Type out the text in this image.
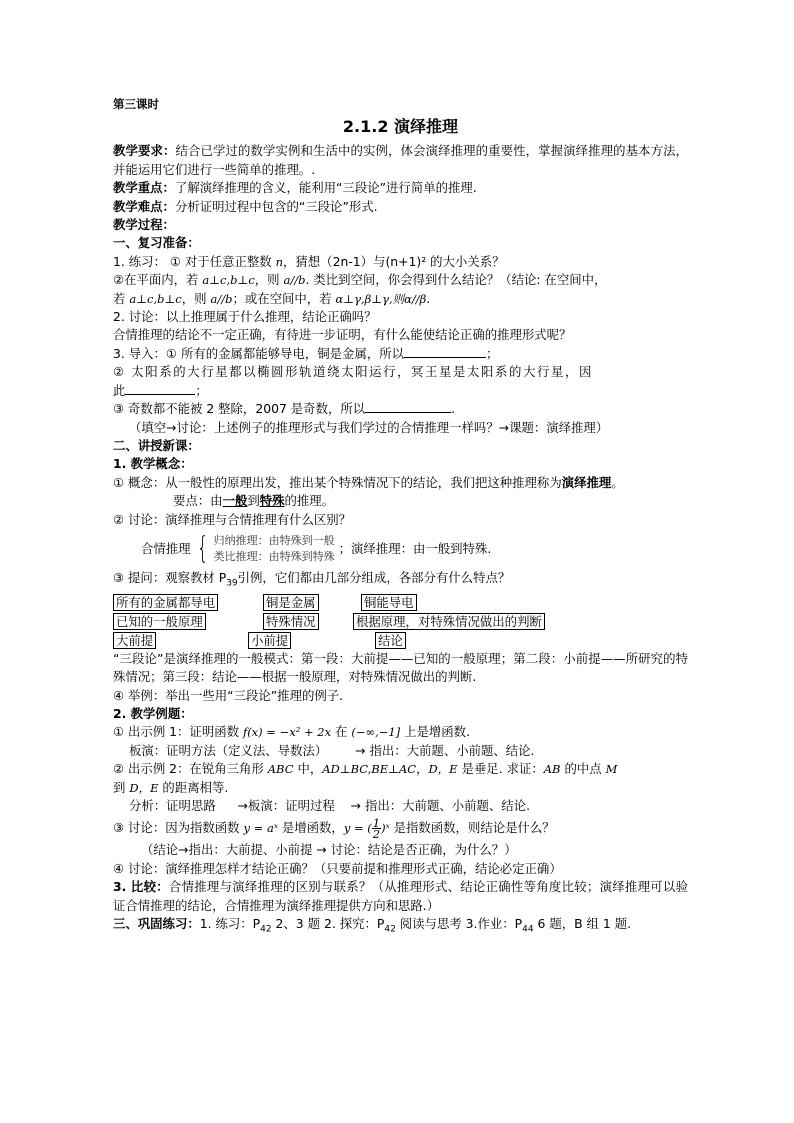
第三课时
2.1.2 演绎推理
教学要求：结合已学过的数学实例和生活中的实例，体会演绎推理的重要性，掌握演绎推理的基本方法，并能运用它们进行一些简单的推理。.
教学重点：了解演绎推理的含义，能利用“三段论”进行简单的推理.
教学难点：分析证明过程中包含的“三段论”形式.
教学过程：
一、复习准备：
1. 练习： ① 对于任意正整数 n，猜想（2n-1）与(n+1)² 的大小关系？
②在平面内，若 a⊥c,b⊥c，则 a//b. 类比到空间，你会得到什么结论？（结论: 在空间中，
若 a⊥c,b⊥c，则 a//b；或在空间中，若 α⊥γ,β⊥γ,则α//β.
2. 讨论：以上推理属于什么推理，结论正确吗？
合情推理的结论不一定正确，有待进一步证明，有什么能使结论正确的推理形式呢？
3. 导入：① 所有的金属都能够导电，铜是金属，所以	；
② 太阳系的大行星都以椭圆形轨道绕太阳运行，冥王星是太阳系的大行星，因
此	；
③ 奇数都不能被 2 整除，2007 是奇数，所以	.
（填空→讨论：上述例子的推理形式与我们学过的合情推理一样吗？→课题：演绎推理）
二、讲授新课：
1. 教学概念：
① 概念：从一般性的原理出发，推出某个特殊情况下的结论，我们把这种推理称为演绎推理。
要点：由一般到特殊的推理。
② 讨论：演绎推理与合情推理有什么区别？
合情推理 { 归纳推理：由特殊到一般
类比推理：由特殊到特殊
；演绎推理：由一般到特殊.
③ 提问：观察教材 $P_{39}$引例，它们都由几部分组成，各部分有什么特点？
所有的金属都导电	铜是金属	铜能导电
已知的一般原理	特殊情况	根据原理，对特殊情况做出的判断
大前提	小前提	结论
“三段论”是演绎推理的一般模式：第一段：大前提——已知的一般原理；第二段：小前提——所研究的特殊情况；第三段：结论——根据一般原理，对特殊情况做出的判断.
④ 举例：举出一些用“三段论”推理的例子.
2. 教学例题：
① 出示例 1：证明函数 f(x) = −x² + 2x 在 (−∞,−1] 上是增函数.
板演：证明方法（定义法、导数法） → 指出：大前题、小前题、结论.
② 出示例 2：在锐角三角形 ABC 中，AD⊥BC,BE⊥AC，D，E 是垂足. 求证：AB 的中点 M
到 D，E 的距离相等.
分析：证明思路 →板演：证明过程 → 指出：大前题、小前题、结论.
③ 讨论：因为指数函数 y = aˣ 是增函数，y = ( $\frac{1}{2}$ )ˣ 是指数函数，则结论是什么？
（结论→指出：大前提、小前提 → 讨论：结论是否正确，为什么？）
④ 讨论：演绎推理怎样才结论正确？（只要前提和推理形式正确，结论必定正确）
3. 比较：合情推理与演绎推理的区别与联系？（从推理形式、结论正确性等角度比较；演绎推理可以验证合情推理的结论，合情推理为演绎推理提供方向和思路.）
三、巩固练习：1. 练习：$P_{42}$ 2、3 题 2. 探究：$P_{42}$ 阅读与思考 3.作业：$P_{44}$ 6 题，B 组 1 题.
